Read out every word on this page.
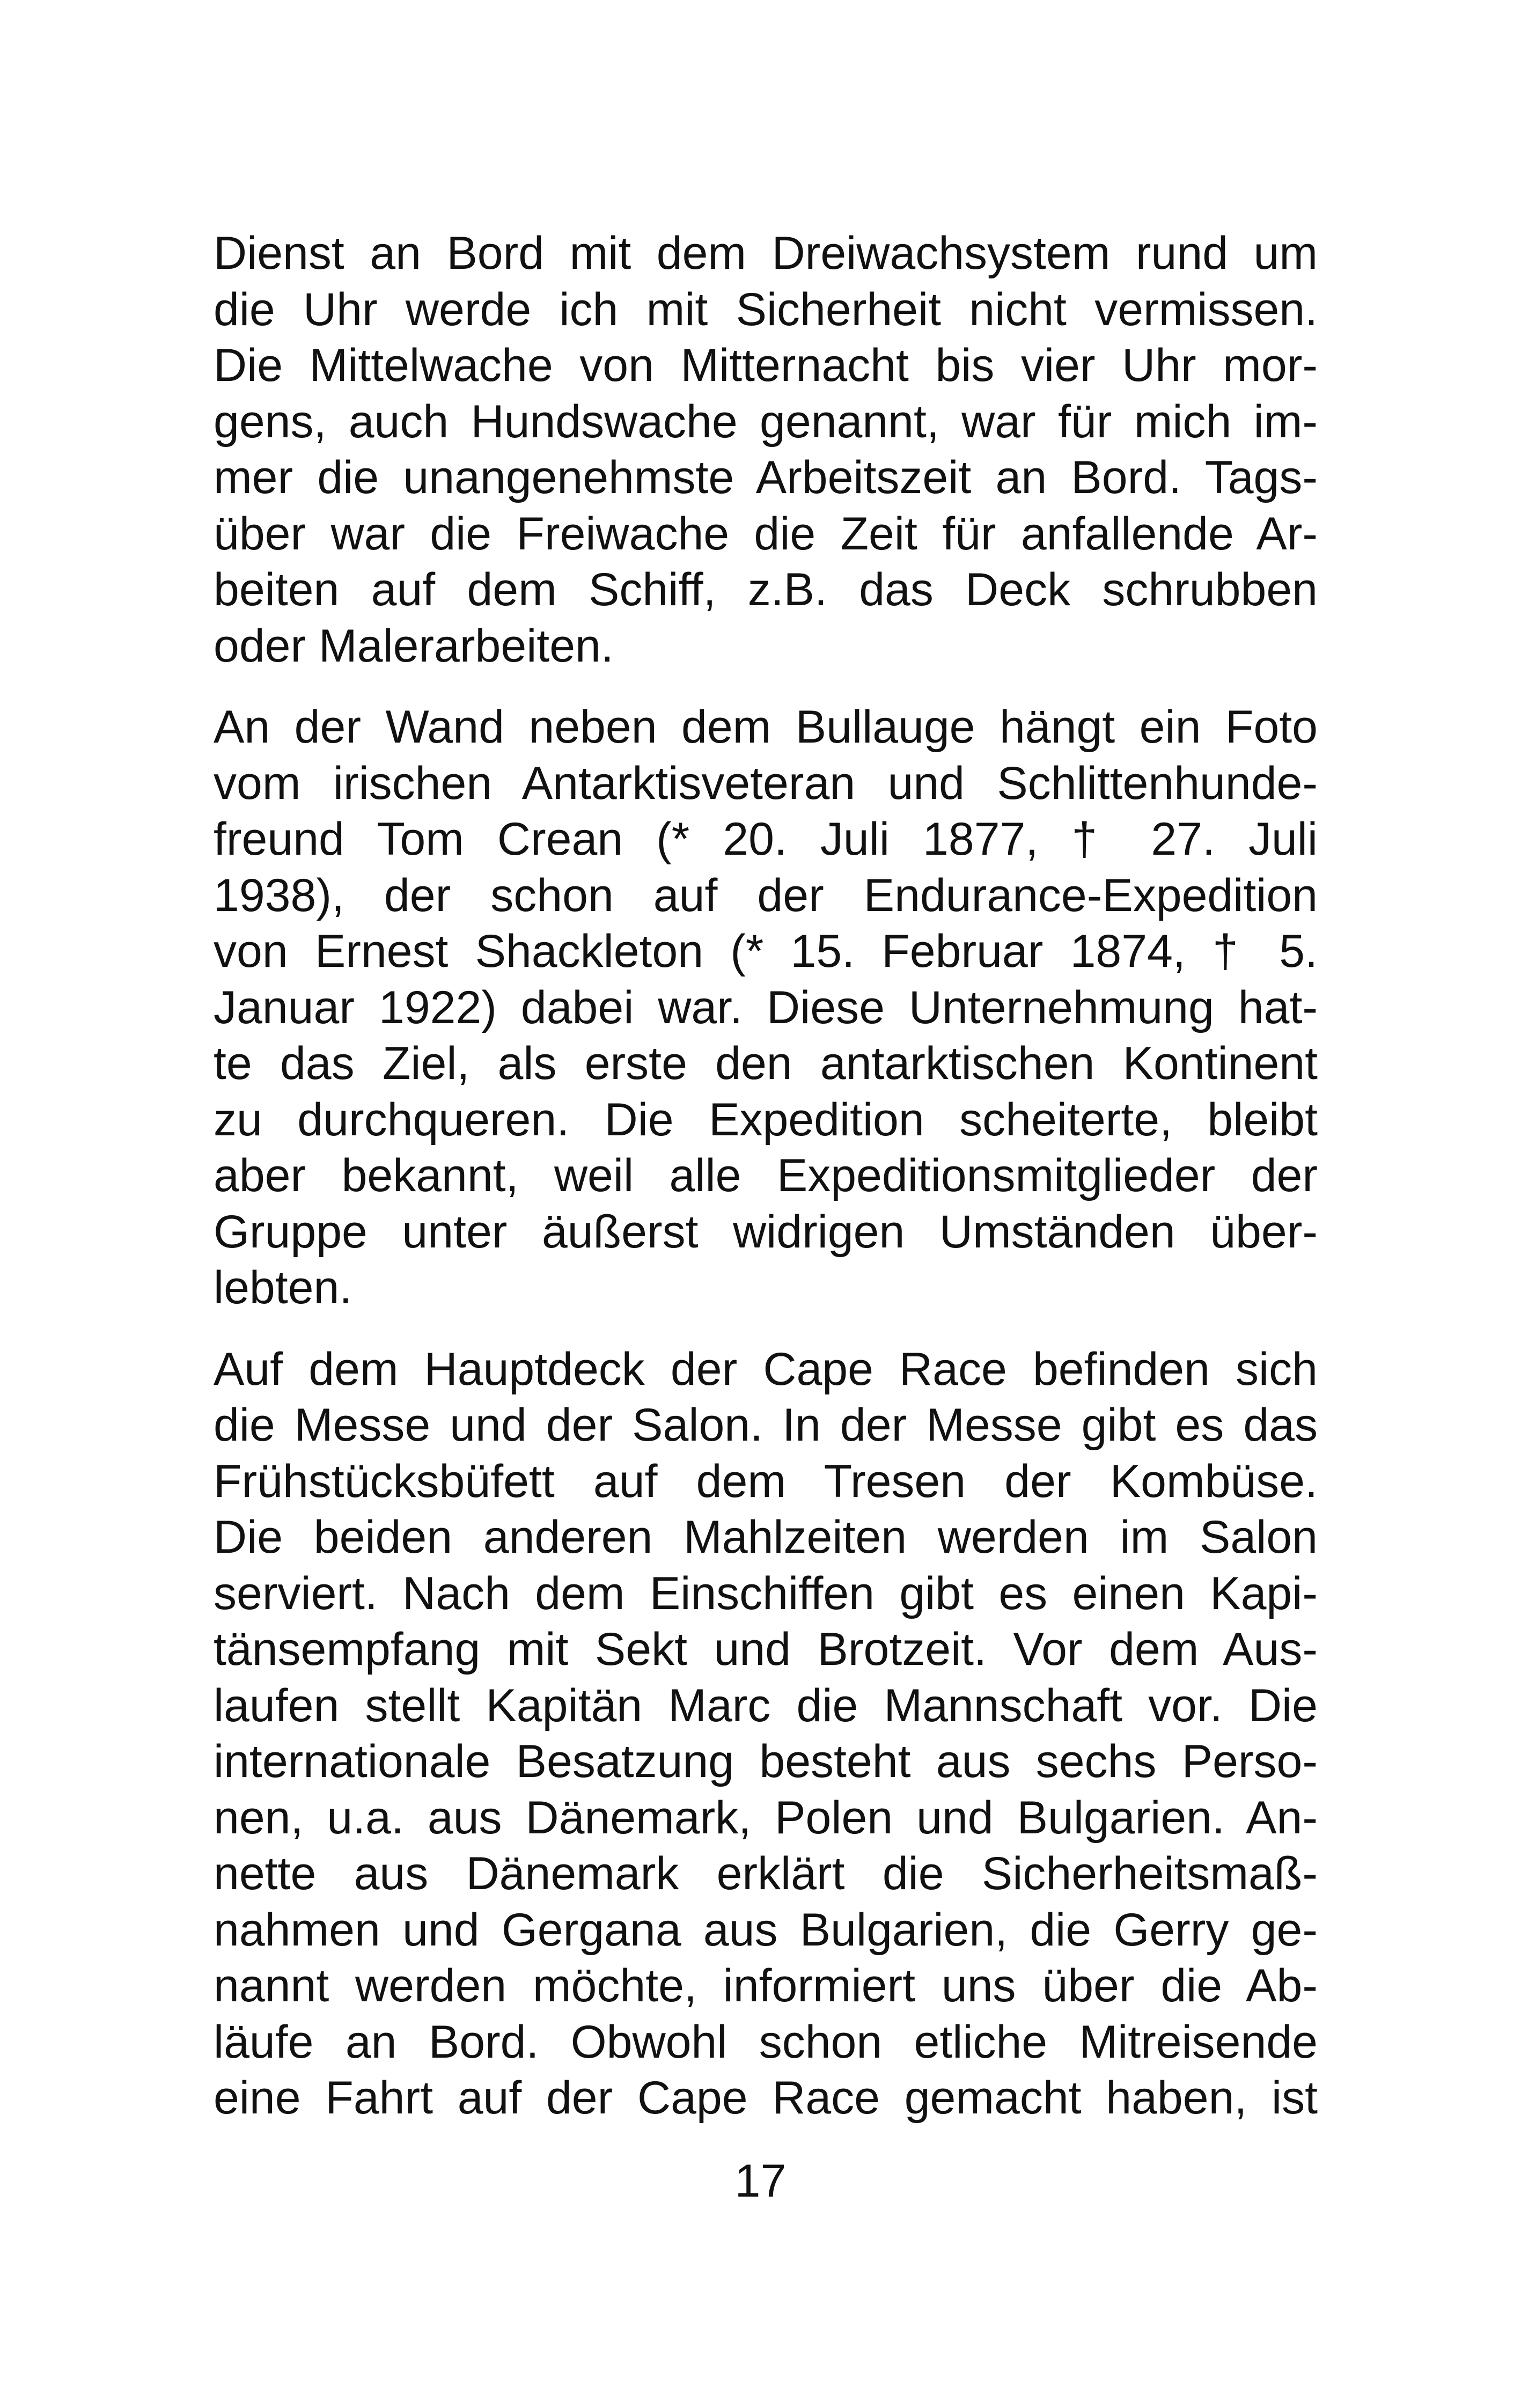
Dienst an Bord mit dem Dreiwachsystem rund um
die Uhr werde ich mit Sicherheit nicht vermissen.
Die Mittelwache von Mitternacht bis vier Uhr mor-
gens, auch Hundswache genannt, war für mich im-
mer die unangenehmste Arbeitszeit an Bord. Tags-
über war die Freiwache die Zeit für anfallende Ar-
beiten auf dem Schiff, z.B. das Deck schrubben
oder Malerarbeiten.
An der Wand neben dem Bullauge hängt ein Foto
vom irischen Antarktisveteran und Schlittenhunde-
freund Tom Crean (* 20. Juli 1877, † 27. Juli
1938), der schon auf der Endurance-Expedition
von Ernest Shackleton (* 15. Februar 1874, † 5.
Januar 1922) dabei war. Diese Unternehmung hat-
te das Ziel, als erste den antarktischen Kontinent
zu durchqueren. Die Expedition scheiterte, bleibt
aber bekannt, weil alle Expeditionsmitglieder der
Gruppe unter äußerst widrigen Umständen über-
lebten.
Auf dem Hauptdeck der Cape Race befinden sich
die Messe und der Salon. In der Messe gibt es das
Frühstücksbüfett auf dem Tresen der Kombüse.
Die beiden anderen Mahlzeiten werden im Salon
serviert. Nach dem Einschiffen gibt es einen Kapi-
tänsempfang mit Sekt und Brotzeit. Vor dem Aus-
laufen stellt Kapitän Marc die Mannschaft vor. Die
internationale Besatzung besteht aus sechs Perso-
nen, u.a. aus Dänemark, Polen und Bulgarien. An-
nette aus Dänemark erklärt die Sicherheitsmaß-
nahmen und Gergana aus Bulgarien, die Gerry ge-
nannt werden möchte, informiert uns über die Ab-
läufe an Bord. Obwohl schon etliche Mitreisende
eine Fahrt auf der Cape Race gemacht haben, ist
17
